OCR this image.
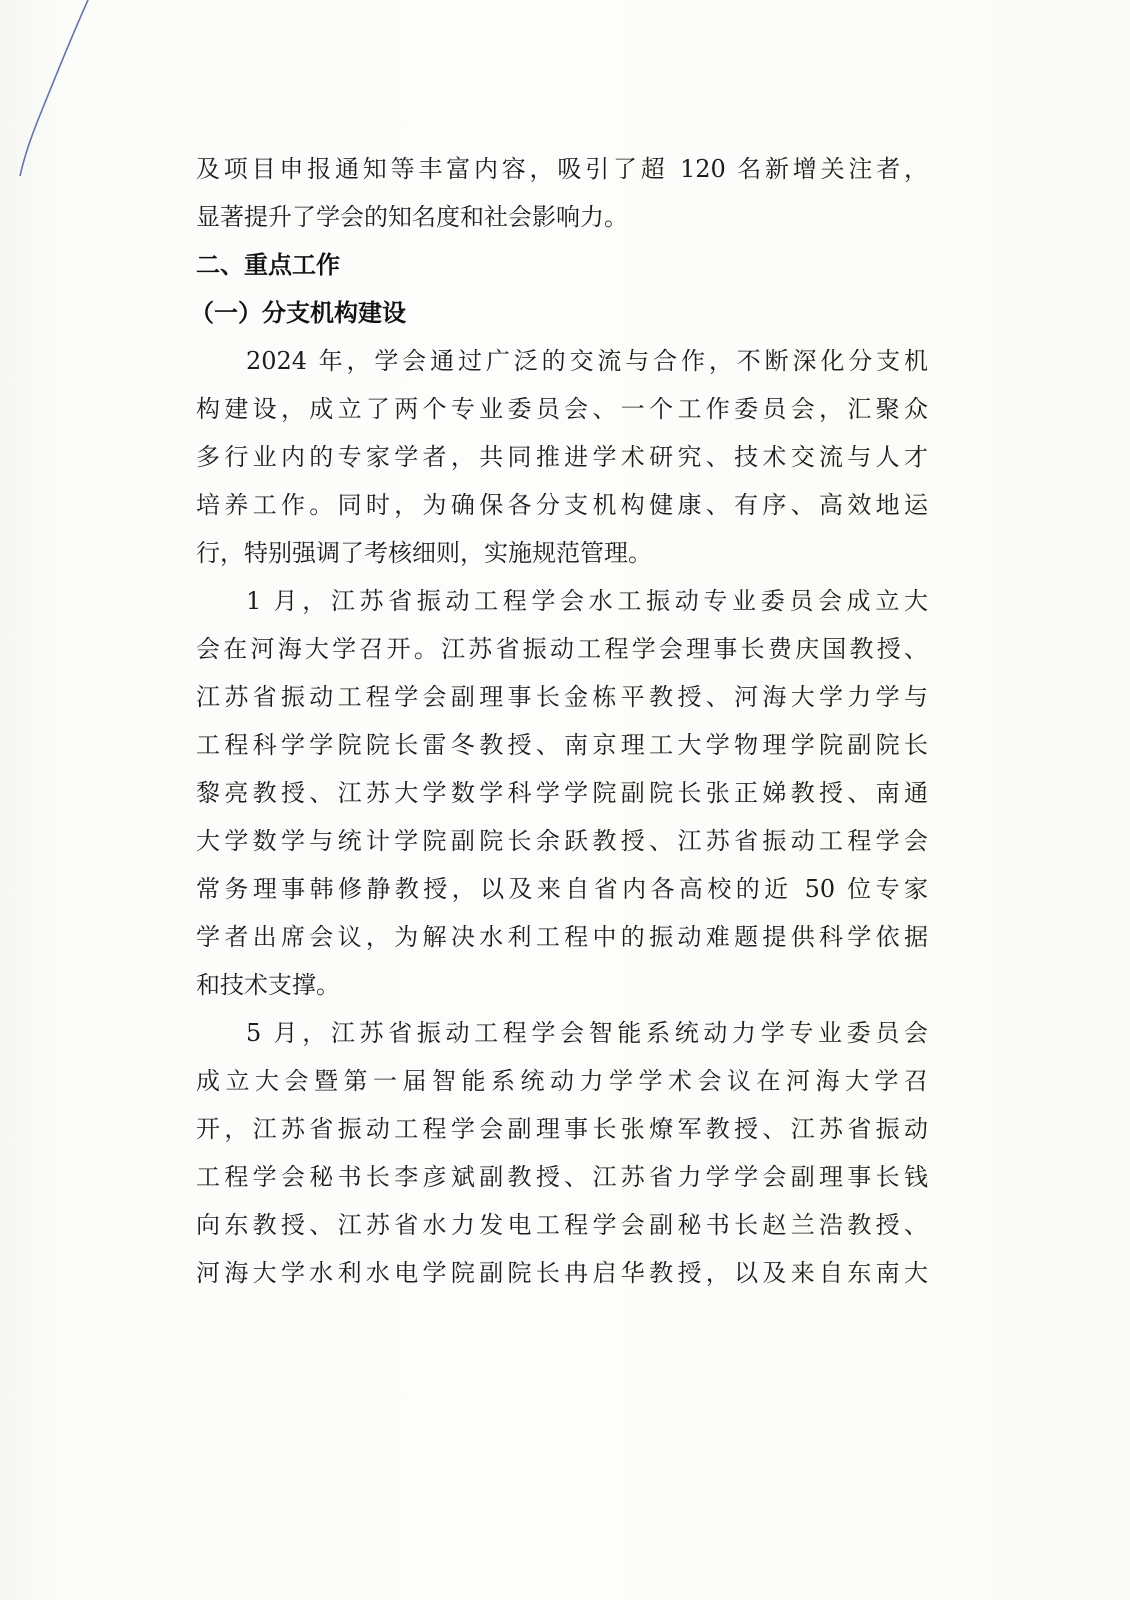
及项目申报通知等丰富内容，吸引了超 120 名新增关注者，
显著提升了学会的知名度和社会影响力。
二、重点工作
（一）分支机构建设
2024 年，学会通过广泛的交流与合作，不断深化分支机
构建设，成立了两个专业委员会、一个工作委员会，汇聚众
多行业内的专家学者，共同推进学术研究、技术交流与人才
培养工作。同时，为确保各分支机构健康、有序、高效地运
行，特别强调了考核细则，实施规范管理。
1 月，江苏省振动工程学会水工振动专业委员会成立大
会在河海大学召开。江苏省振动工程学会理事长费庆国教授、
江苏省振动工程学会副理事长金栋平教授、河海大学力学与
工程科学学院院长雷冬教授、南京理工大学物理学院副院长
黎亮教授、江苏大学数学科学学院副院长张正娣教授、南通
大学数学与统计学院副院长余跃教授、江苏省振动工程学会
常务理事韩修静教授，以及来自省内各高校的近 50 位专家
学者出席会议，为解决水利工程中的振动难题提供科学依据
和技术支撑。
5 月，江苏省振动工程学会智能系统动力学专业委员会
成立大会暨第一届智能系统动力学学术会议在河海大学召
开，江苏省振动工程学会副理事长张燎军教授、江苏省振动
工程学会秘书长李彦斌副教授、江苏省力学学会副理事长钱
向东教授、江苏省水力发电工程学会副秘书长赵兰浩教授、
河海大学水利水电学院副院长冉启华教授，以及来自东南大
